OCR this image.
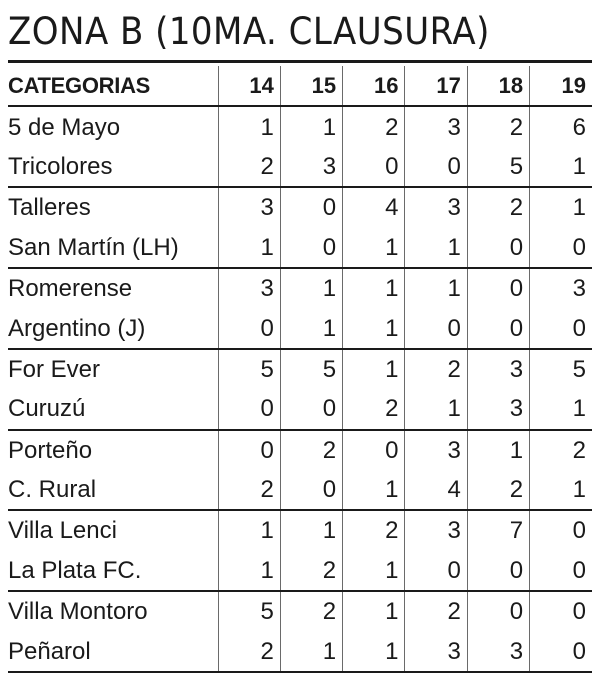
ZONA B (10MA. CLAUSURA)
CATEGORIAS	14	15	16	17	18	19
5 de Mayo	1	1	2	3	2	6
Tricolores	2	3	0	0	5	1
Talleres	3	0	4	3	2	1
San Martín (LH)	1	0	1	1	0	0
Romerense	3	1	1	1	0	3
Argentino (J)	0	1	1	0	0	0
For Ever	5	5	1	2	3	5
Curuzú	0	0	2	1	3	1
Porteño	0	2	0	3	1	2
C. Rural	2	0	1	4	2	1
Villa Lenci	1	1	2	3	7	0
La Plata FC.	1	2	1	0	0	0
Villa Montoro	5	2	1	2	0	0
Peñarol	2	1	1	3	3	0
